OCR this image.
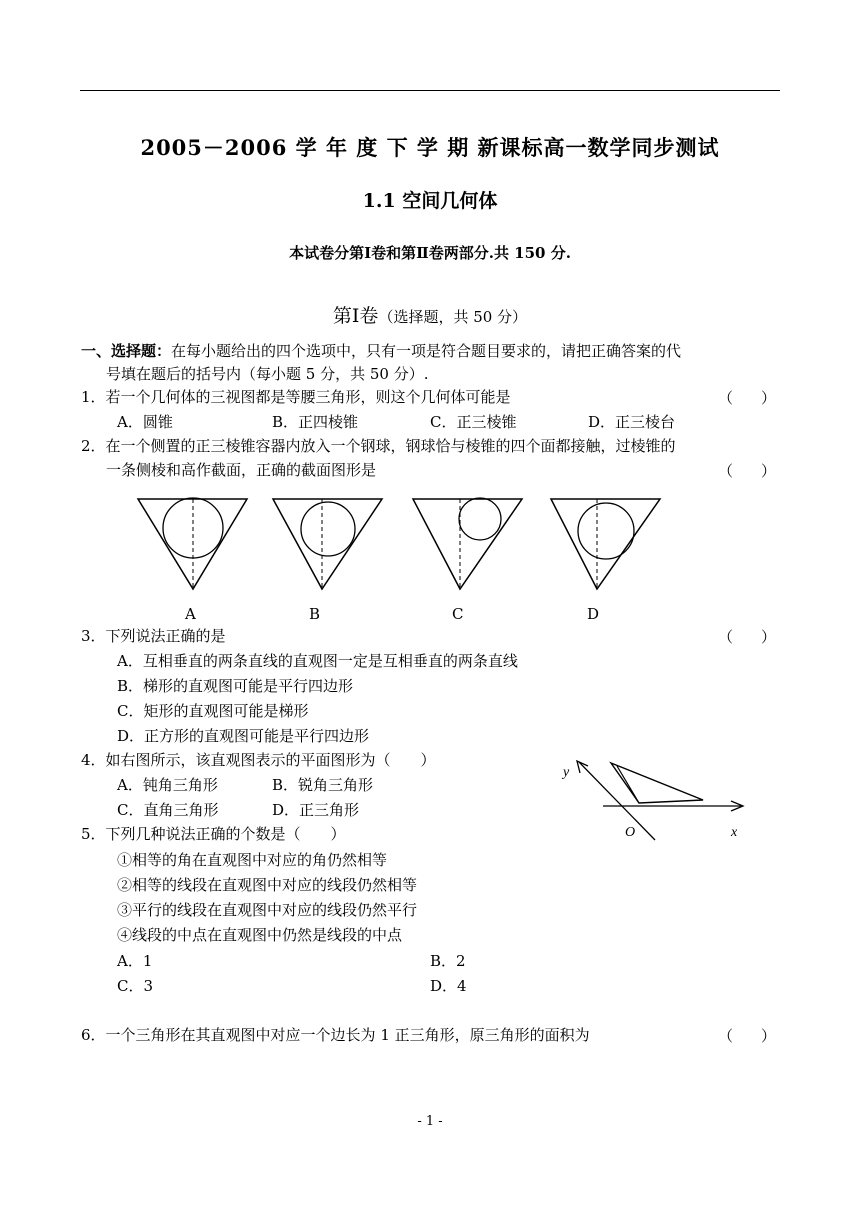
2005－2006 学 年 度 下 学 期 新课标高一数学同步测试
1.1 空间几何体
本试卷分第Ⅰ卷和第Ⅱ卷两部分.共 150 分.
第Ⅰ卷（选择题，共 50 分）
一、选择题：在每小题给出的四个选项中，只有一项是符合题目要求的，请把正确答案的代
号填在题后的括号内（每小题 5 分，共 50 分）.
1．若一个几何体的三视图都是等腰三角形，则这个几何体可能是	（ ）
A．圆锥	B．正四棱锥	C．正三棱锥	D．正三棱台
2．在一个侧置的正三棱锥容器内放入一个钢球，钢球恰与棱锥的四个面都接触，过棱锥的
一条侧棱和高作截面，正确的截面图形是	（ ）
A	B	C	D
3．下列说法正确的是	（ ）
A．互相垂直的两条直线的直观图一定是互相垂直的两条直线
B．梯形的直观图可能是平行四边形
C．矩形的直观图可能是梯形
D．正方形的直观图可能是平行四边形
4．如右图所示，该直观图表示的平面图形为（　　）
A．钝角三角形	B．锐角三角形
C．直角三角形	D．正三角形
y
O	x
5．下列几种说法正确的个数是（　　）
①相等的角在直观图中对应的角仍然相等
②相等的线段在直观图中对应的线段仍然相等
③平行的线段在直观图中对应的线段仍然平行
④线段的中点在直观图中仍然是线段的中点
A．1	B．2
C．3	D．4
6．一个三角形在其直观图中对应一个边长为 1 正三角形，原三角形的面积为	（ ）
- 1 -
